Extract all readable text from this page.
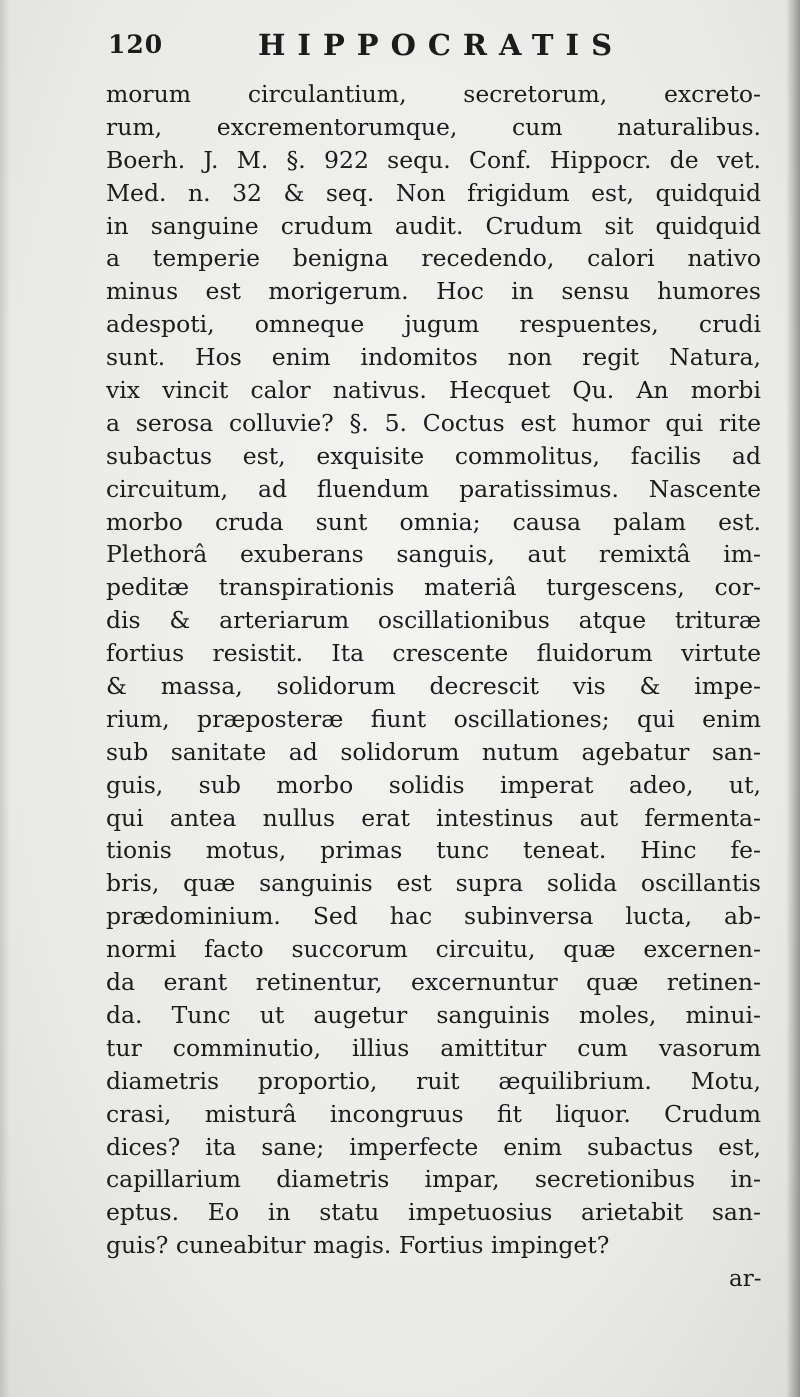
120	HIPPOCRATIS
morum circulantium, secretorum, excreto-
rum, excrementorumque, cum naturalibus.
Boerh. J. M. §. 922 sequ. Conf. Hippocr. de vet.
Med. n. 32 & seq. Non frigidum est, quidquid
in sanguine crudum audit. Crudum sit quidquid
a temperie benigna recedendo, calori nativo
minus est morigerum. Hoc in sensu humores
adespoti, omneque jugum respuentes, crudi
sunt. Hos enim indomitos non regit Natura,
vix vincit calor nativus. Hecquet Qu. An morbi
a serosa colluvie? §. 5. Coctus est humor qui rite
subactus est, exquisite commolitus, facilis ad
circuitum, ad fluendum paratissimus. Nascente
morbo cruda sunt omnia; causa palam est.
Plethorâ exuberans sanguis, aut remixtâ im-
peditæ transpirationis materiâ turgescens, cor-
dis & arteriarum oscillationibus atque trituræ
fortius resistit. Ita crescente fluidorum virtute
& massa, solidorum decrescit vis & impe-
rium, præposteræ fiunt oscillationes; qui enim
sub sanitate ad solidorum nutum agebatur san-
guis, sub morbo solidis imperat adeo, ut,
qui antea nullus erat intestinus aut fermenta-
tionis motus, primas tunc teneat. Hinc fe-
bris, quæ sanguinis est supra solida oscillantis
prædominium. Sed hac subinversa lucta, ab-
normi facto succorum circuitu, quæ excernen-
da erant retinentur, excernuntur quæ retinen-
da. Tunc ut augetur sanguinis moles, minui-
tur comminutio, illius amittitur cum vasorum
diametris proportio, ruit æquilibrium. Motu,
crasi, misturâ incongruus fit liquor. Crudum
dices? ita sane; imperfecte enim subactus est,
capillarium diametris impar, secretionibus in-
eptus. Eo in statu impetuosius arietabit san-
guis? cuneabitur magis. Fortius impinget?
ar-
